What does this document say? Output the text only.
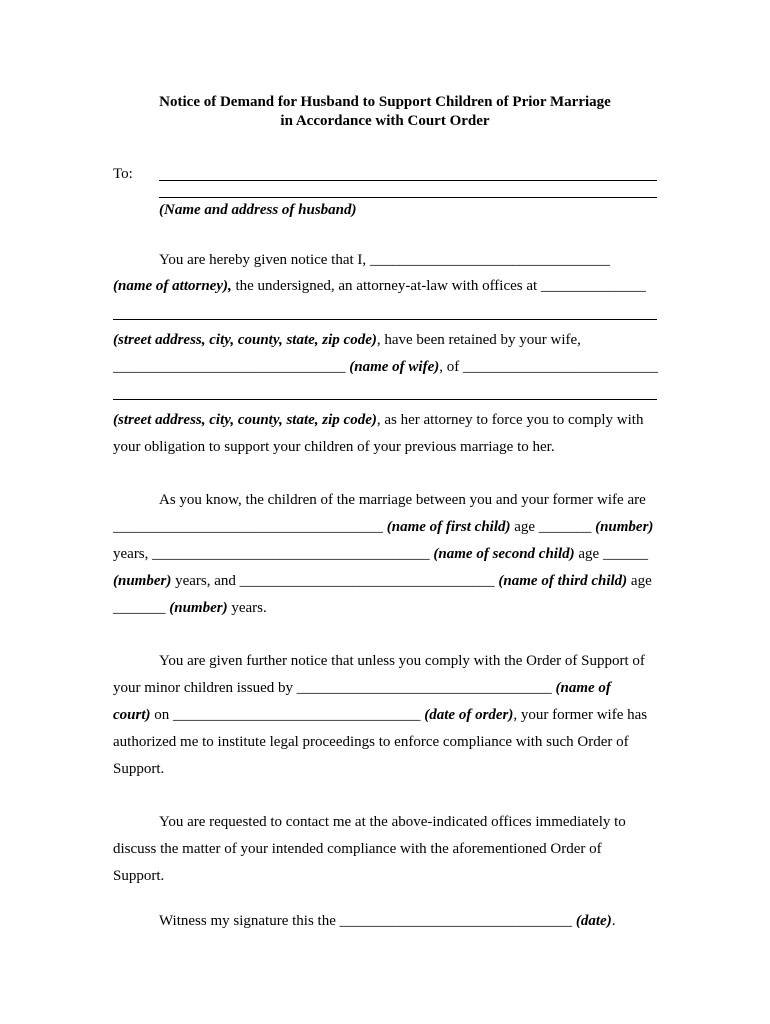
Notice of Demand for Husband to Support Children of Prior Marriage
in Accordance with Court Order
To:
(Name and address of husband)
You are hereby given notice that I, ________________________________
(name of attorney), the undersigned, an attorney-at-law with offices at ______________
(street address, city, county, state, zip code), have been retained by your wife,
_______________________________ (name of wife), of __________________________
(street address, city, county, state, zip code), as her attorney to force you to comply with
your obligation to support your children of your previous marriage to her.
As you know, the children of the marriage between you and your former wife are
____________________________________ (name of first child) age _______ (number)
years, _____________________________________ (name of second child) age ______
(number) years, and __________________________________ (name of third child) age
_______ (number) years.
You are given further notice that unless you comply with the Order of Support of
your minor children issued by __________________________________ (name of
court) on _________________________________ (date of order), your former wife has
authorized me to institute legal proceedings to enforce compliance with such Order of
Support.
You are requested to contact me at the above-indicated offices immediately to
discuss the matter of your intended compliance with the aforementioned Order of
Support.
Witness my signature this the _______________________________ (date).
